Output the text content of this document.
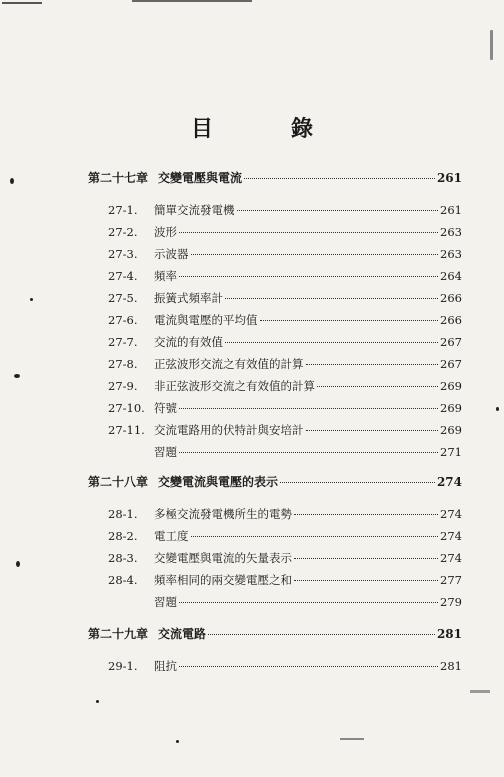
目　錄
第二十七章 交變電壓與電流	261
27-1.	簡單交流發電機	261
27-2.	波形	263
27-3.	示波器	263
27-4.	頻率	264
27-5.	振簧式頻率計	266
27-6.	電流與電壓的平均值	266
27-7.	交流的有效值	267
27-8.	正弦波形交流之有效值的計算	267
27-9.	非正弦波形交流之有效值的計算	269
27-10. 符號	269
27-11. 交流電路用的伏特計與安培計	269
習題	271
第二十八章 交變電流與電壓的表示	274
28-1.	多極交流發電機所生的電勢	274
28-2.	電工度	274
28-3.	交變電壓與電流的矢量表示	274
28-4.	頻率相同的兩交變電壓之和	277
習題	279
第二十九章 交流電路	281
29-1.	阻抗	281
